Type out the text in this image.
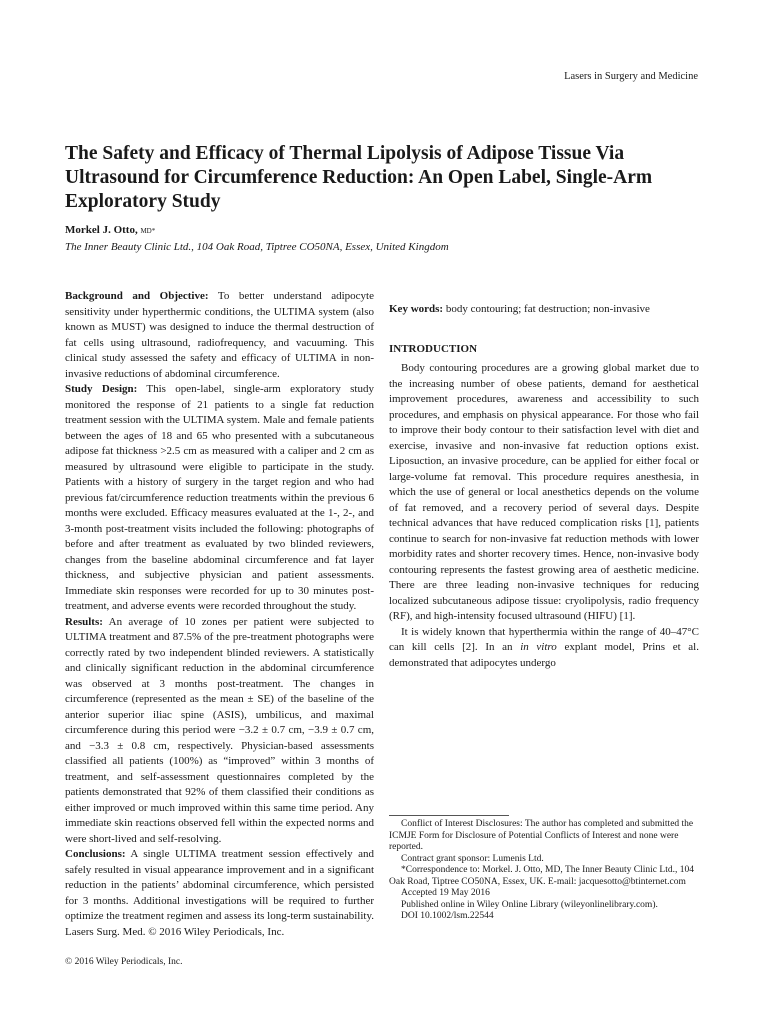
Lasers in Surgery and Medicine
The Safety and Efficacy of Thermal Lipolysis of Adipose Tissue Via Ultrasound for Circumference Reduction: An Open Label, Single-Arm Exploratory Study
Morkel J. Otto, MD*
The Inner Beauty Clinic Ltd., 104 Oak Road, Tiptree CO50NA, Essex, United Kingdom

Background and Objective: To better understand adipocyte sensitivity under hyperthermic conditions, the ULTIMA system (also known as MUST) was designed to induce the thermal destruction of fat cells using ultrasound, radiofrequency, and vacuuming. This clinical study assessed the safety and efficacy of ULTIMA in non-invasive reductions of abdominal circumference.

Study Design: This open-label, single-arm exploratory study monitored the response of 21 patients to a single fat reduction treatment session with the ULTIMA system. Male and female patients between the ages of 18 and 65 who presented with a subcutaneous adipose fat thickness >2.5 cm as measured with a caliper and 2 cm as measured by ultrasound were eligible to participate in the study. Patients with a history of surgery in the target region and who had previous fat/circumference reduction treatments within the previous 6 months were excluded. Efficacy measures evaluated at the 1-, 2-, and 3-month post-treatment visits included the following: photographs of before and after treatment as evaluated by two blinded reviewers, changes from the baseline abdominal circumference and fat layer thickness, and subjective physician and patient assessments. Immediate skin responses were recorded for up to 30 minutes post-treatment, and adverse events were recorded throughout the study.

Results: An average of 10 zones per patient were subjected to ULTIMA treatment and 87.5% of the pre-treatment photographs were correctly rated by two independent blinded reviewers. A statistically and clinically significant reduction in the abdominal circumference was observed at 3 months post-treatment. The changes in circumference (represented as the mean ± SE) of the baseline of the anterior superior iliac spine (ASIS), umbilicus, and maximal circumference during this period were −3.2 ± 0.7 cm, −3.9 ± 0.7 cm, and −3.3 ± 0.8 cm, respectively. Physician-based assessments classified all patients (100%) as “improved” within 3 months of treatment, and self-assessment questionnaires completed by the patients demonstrated that 92% of them classified their conditions as either improved or much improved within this same time period. Any immediate skin reactions observed fell within the expected norms and were short-lived and self-resolving.

Conclusions: A single ULTIMA treatment session effectively and safely resulted in visual appearance improvement and in a significant reduction in the patients’ abdominal circumference, which persisted for 3 months. Additional investigations will be required to further optimize the treatment regimen and assess its long-term sustainability. Lasers Surg. Med. © 2016 Wiley Periodicals, Inc.

Key words: body contouring; fat destruction; non-invasive

INTRODUCTION

Body contouring procedures are a growing global market due to the increasing number of obese patients, demand for aesthetical improvement procedures, awareness and accessibility to such procedures, and emphasis on physical appearance. For those who fail to improve their body contour to their satisfaction level with diet and exercise, invasive and non-invasive fat reduction options exist. Liposuction, an invasive procedure, can be applied for either focal or large-volume fat removal. This procedure requires anesthesia, in which the use of general or local anesthetics depends on the volume of fat removed, and a recovery period of several days. Despite technical advances that have reduced complication risks [1], patients continue to search for non-invasive fat reduction methods with lower morbidity rates and shorter recovery times. Hence, non-invasive body contouring represents the fastest growing area of aesthetic medicine. There are three leading non-invasive techniques for reducing localized subcutaneous adipose tissue: cryolipolysis, radio frequency (RF), and high-intensity focused ultrasound (HIFU) [1].

It is widely known that hyperthermia within the range of 40–47°C can kill cells [2]. In an in vitro explant model, Prins et al. demonstrated that adipocytes undergo

Conflict of Interest Disclosures: The author has completed and submitted the ICMJE Form for Disclosure of Potential Conflicts of Interest and none were reported.

Contract grant sponsor: Lumenis Ltd.

*Correspondence to: Morkel. J. Otto, MD, The Inner Beauty Clinic Ltd., 104 Oak Road, Tiptree CO50NA, Essex, UK. E-mail: jacquesotto@btinternet.com

Accepted 19 May 2016

Published online in Wiley Online Library (wileyonlinelibrary.com).

DOI 10.1002/lsm.22544

© 2016 Wiley Periodicals, Inc.
